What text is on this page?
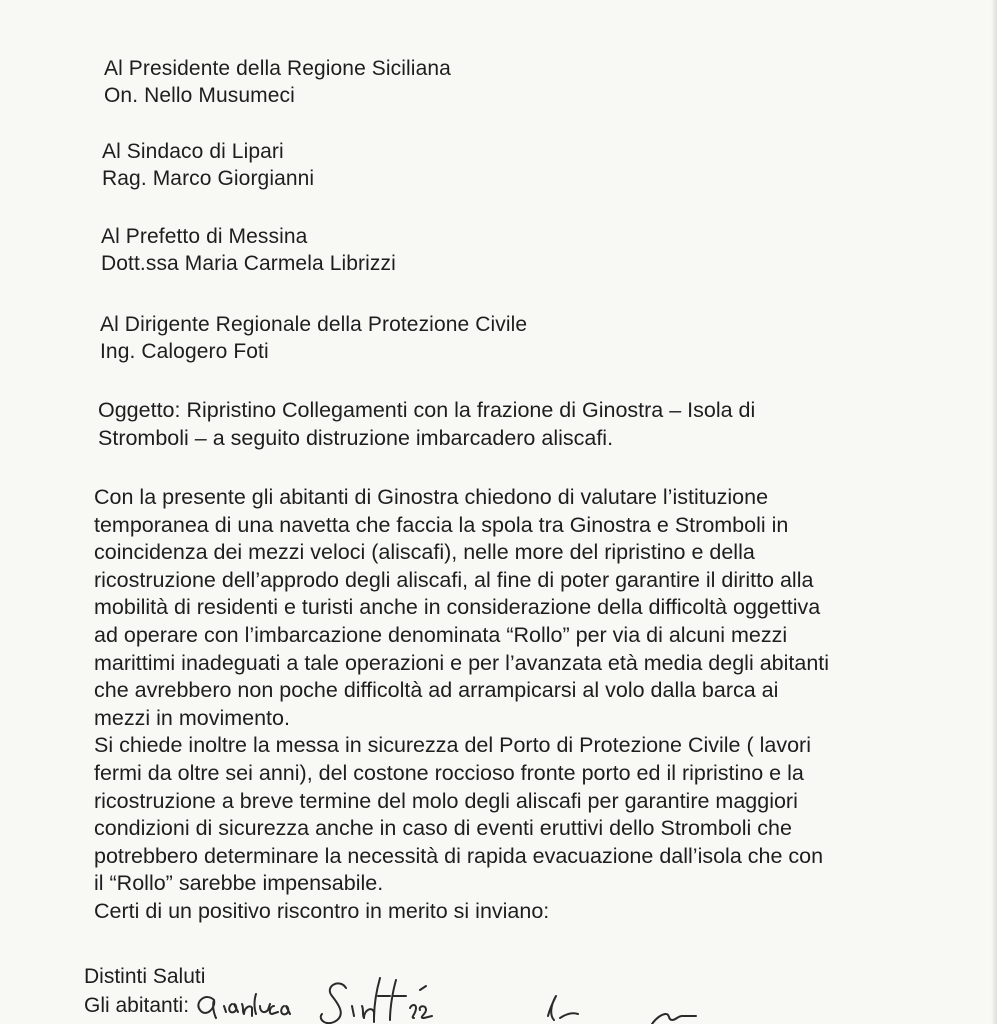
Al Presidente della Regione Siciliana
On. Nello Musumeci
Al Sindaco di Lipari
Rag. Marco Giorgianni
Al Prefetto di Messina
Dott.ssa Maria Carmela Librizzi
Al Dirigente Regionale della Protezione Civile
Ing. Calogero Foti
Oggetto: Ripristino Collegamenti con la frazione di Ginostra – Isola di
Stromboli – a seguito distruzione imbarcadero aliscafi.
Con la presente gli abitanti di Ginostra chiedono di valutare l’istituzione
temporanea di una navetta che faccia la spola tra Ginostra e Stromboli in
coincidenza dei mezzi veloci (aliscafi), nelle more del ripristino e della
ricostruzione dell’approdo degli aliscafi, al fine di poter garantire il diritto alla
mobilità di residenti e turisti anche in considerazione della difficoltà oggettiva
ad operare con l’imbarcazione denominata “Rollo” per via di alcuni mezzi
marittimi inadeguati a tale operazioni e per l’avanzata età media degli abitanti
che avrebbero non poche difficoltà ad arrampicarsi al volo dalla barca ai
mezzi in movimento.
Si chiede inoltre la messa in sicurezza del Porto di Protezione Civile ( lavori
fermi da oltre sei anni), del costone roccioso fronte porto ed il ripristino e la
ricostruzione a breve termine del molo degli aliscafi per garantire maggiori
condizioni di sicurezza anche in caso di eventi eruttivi dello Stromboli che
potrebbero determinare la necessità di rapida evacuazione dall’isola che con
il “Rollo” sarebbe impensabile.
Certi di un positivo riscontro in merito si inviano:
Distinti Saluti
Gli abitanti:
